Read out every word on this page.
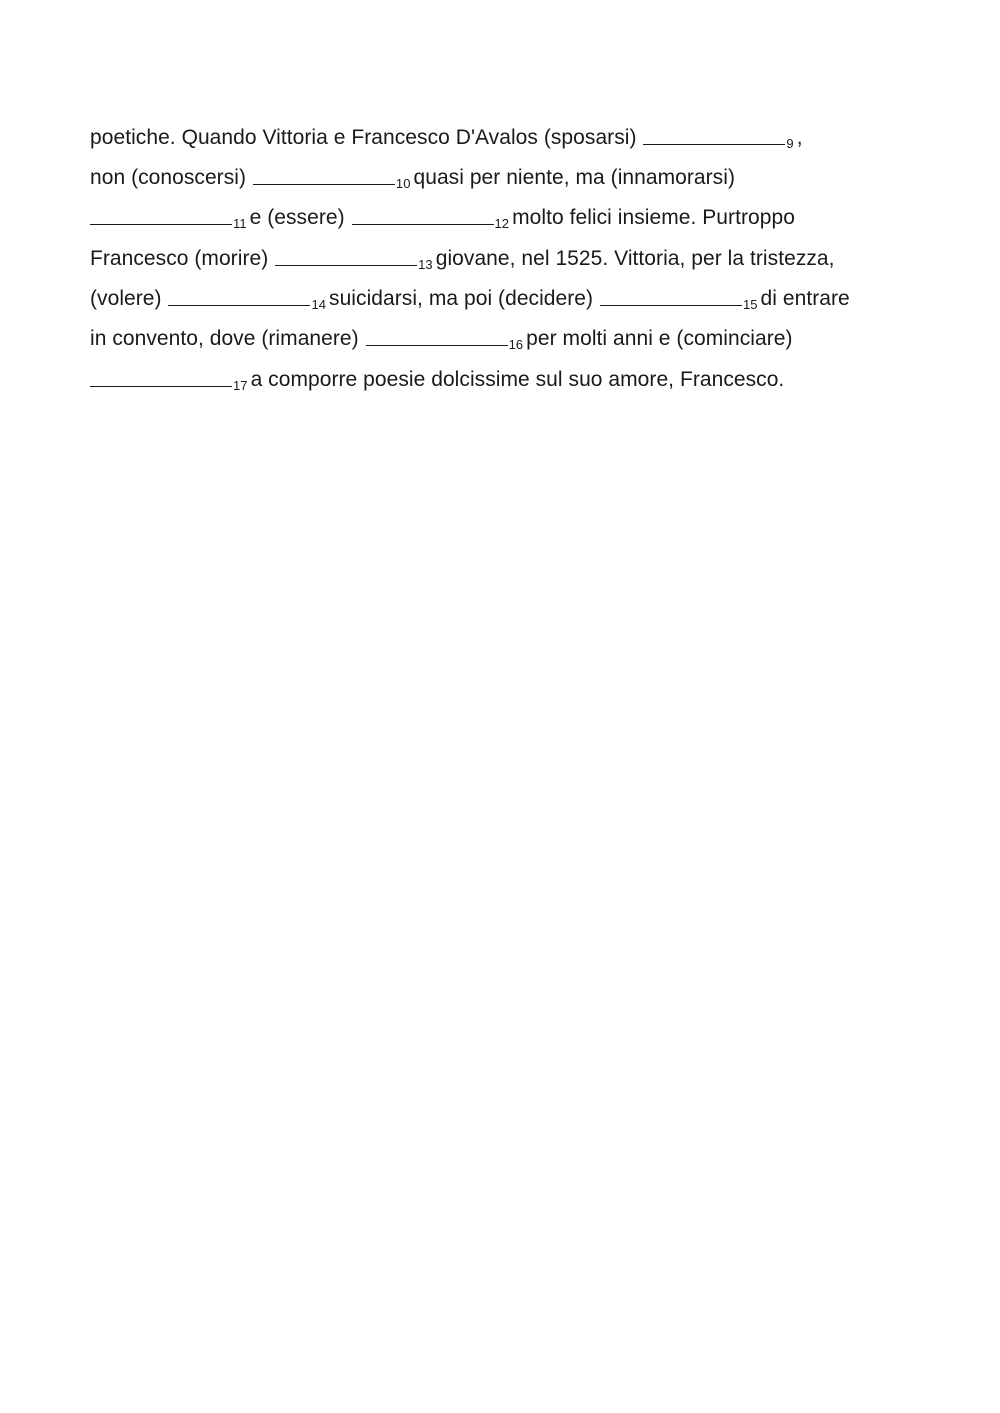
poetiche. Quando Vittoria e Francesco D'Avalos (sposarsi)	9 ,
non (conoscersi)	10 quasi per niente, ma (innamorarsi)
11 e (essere)	12 molto felici insieme. Purtroppo
Francesco (morire)	13 giovane, nel 1525. Vittoria, per la tristezza,
(volere)	14 suicidarsi, ma poi (decidere)	15 di entrare
in convento, dove (rimanere)	16 per molti anni e (cominciare)
17 a comporre poesie dolcissime sul suo amore, Francesco.
